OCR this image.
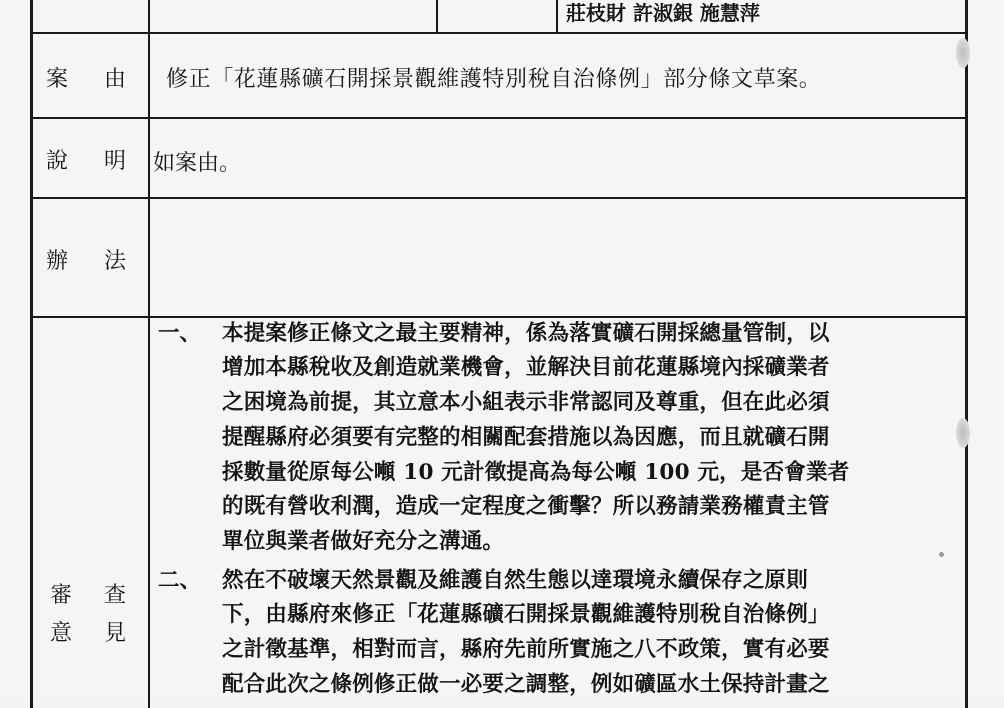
莊枝財 許淑銀 施慧萍
案 由 修正「花蓮縣礦石開採景觀維護特別稅自治條例」部分條文草案。
說 明 如案由。
辦 法
審 查
意 見
一、 本提案修正條文之最主要精神，係為落實礦石開採總量管制，以
增加本縣稅收及創造就業機會，並解決目前花蓮縣境內採礦業者
之困境為前提，其立意本小組表示非常認同及尊重，但在此必須
提醒縣府必須要有完整的相關配套措施以為因應，而且就礦石開
採數量從原每公噸 10 元計徵提高為每公噸 100 元，是否會業者
的既有營收利潤，造成一定程度之衝擊？所以務請業務權責主管
單位與業者做好充分之溝通。
二、 然在不破壞天然景觀及維護自然生態以達環境永續保存之原則
下，由縣府來修正「花蓮縣礦石開採景觀維護特別稅自治條例」
之計徵基準，相對而言，縣府先前所實施之八不政策，實有必要
配合此次之條例修正做一必要之調整，例如礦區水土保持計畫之
